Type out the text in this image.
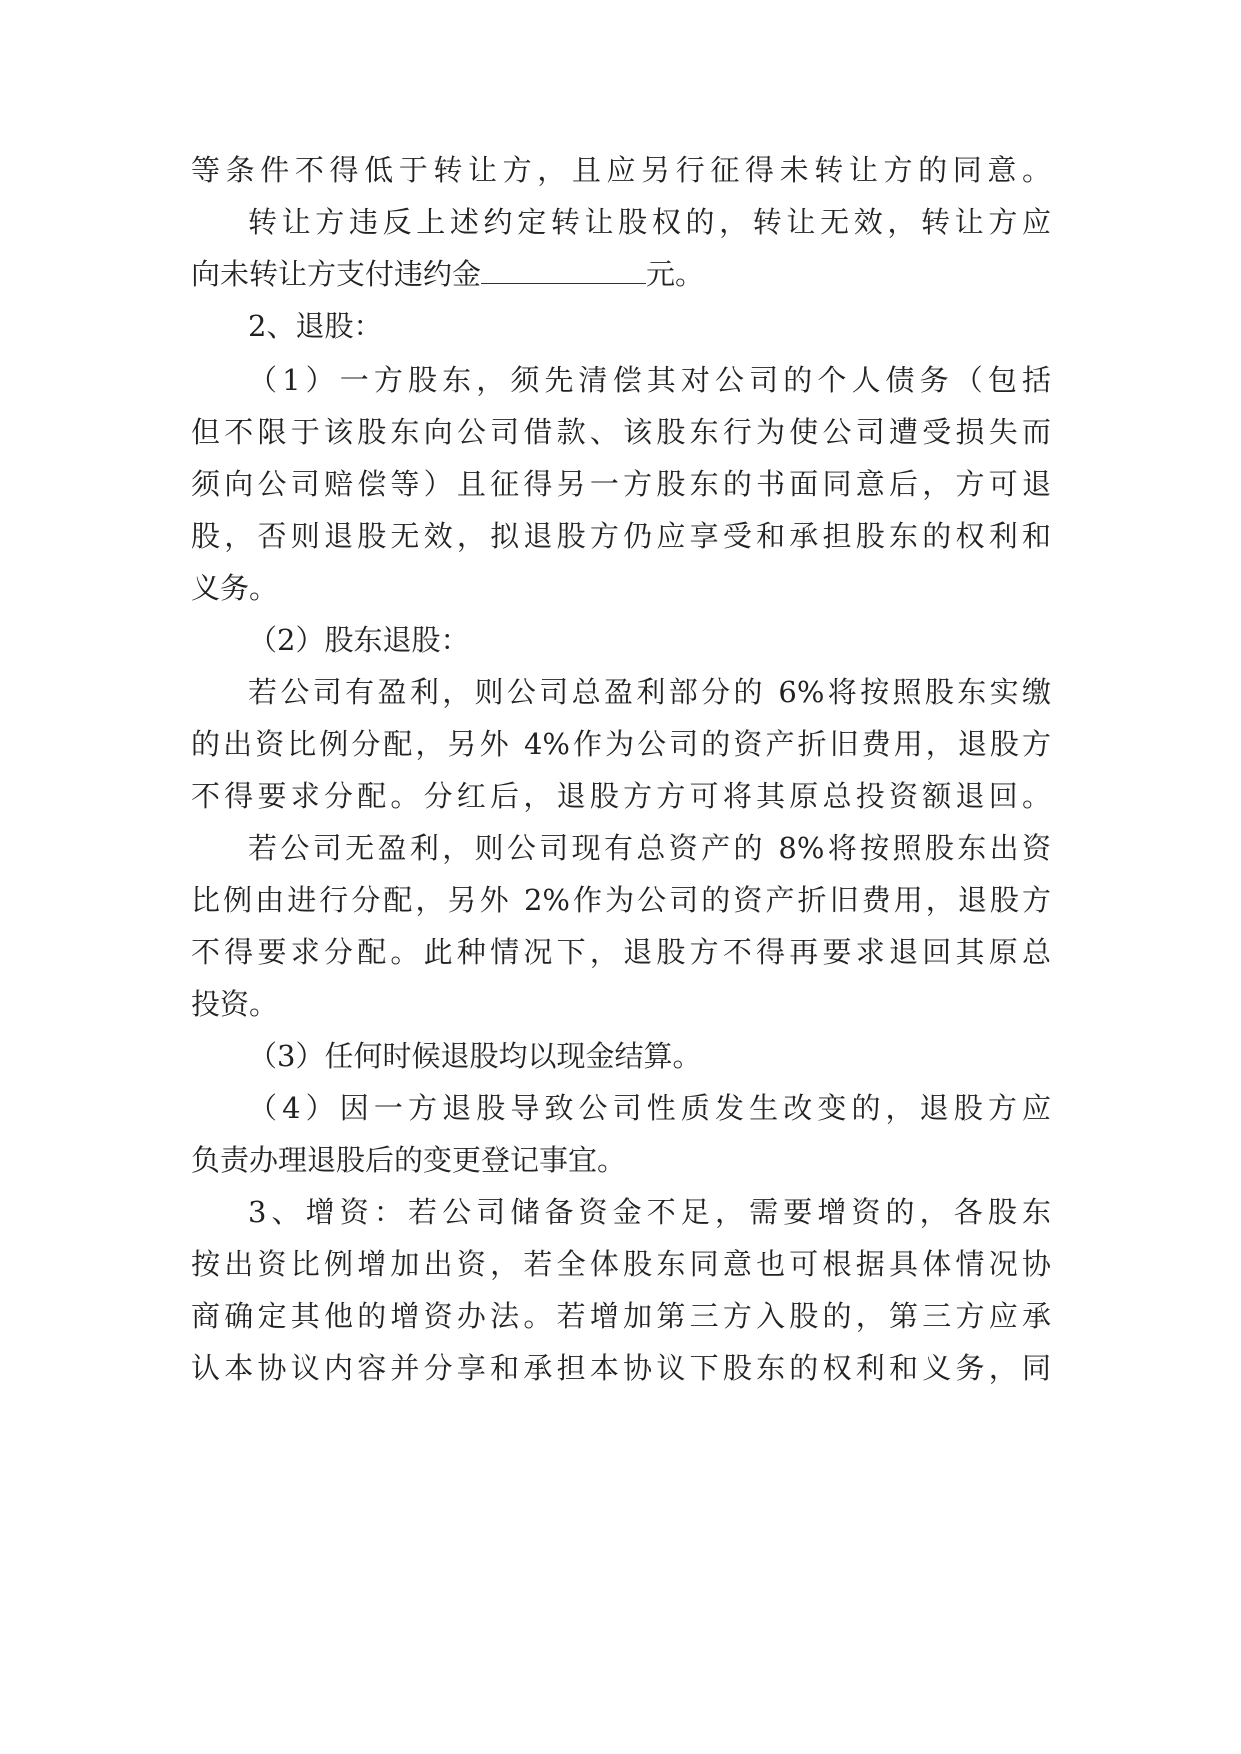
等条件不得低于转让方，且应另行征得未转让方的同意。
转让方违反上述约定转让股权的，转让无效，转让方应
向未转让方支付违约金	元。
2、退股：
（1）一方股东，须先清偿其对公司的个人债务（包括
但不限于该股东向公司借款、该股东行为使公司遭受损失而
须向公司赔偿等）且征得另一方股东的书面同意后，方可退
股，否则退股无效，拟退股方仍应享受和承担股东的权利和
义务。
（2）股东退股：
若公司有盈利，则公司总盈利部分的 6%将按照股东实缴
的出资比例分配，另外 4%作为公司的资产折旧费用，退股方
不得要求分配。分红后，退股方方可将其原总投资额退回。
若公司无盈利，则公司现有总资产的 8%将按照股东出资
比例由进行分配，另外 2%作为公司的资产折旧费用，退股方
不得要求分配。此种情况下，退股方不得再要求退回其原总
投资。
（3）任何时候退股均以现金结算。
（4）因一方退股导致公司性质发生改变的，退股方应
负责办理退股后的变更登记事宜。
3、增资：若公司储备资金不足，需要增资的，各股东
按出资比例增加出资，若全体股东同意也可根据具体情况协
商确定其他的增资办法。若增加第三方入股的，第三方应承
认本协议内容并分享和承担本协议下股东的权利和义务，同
